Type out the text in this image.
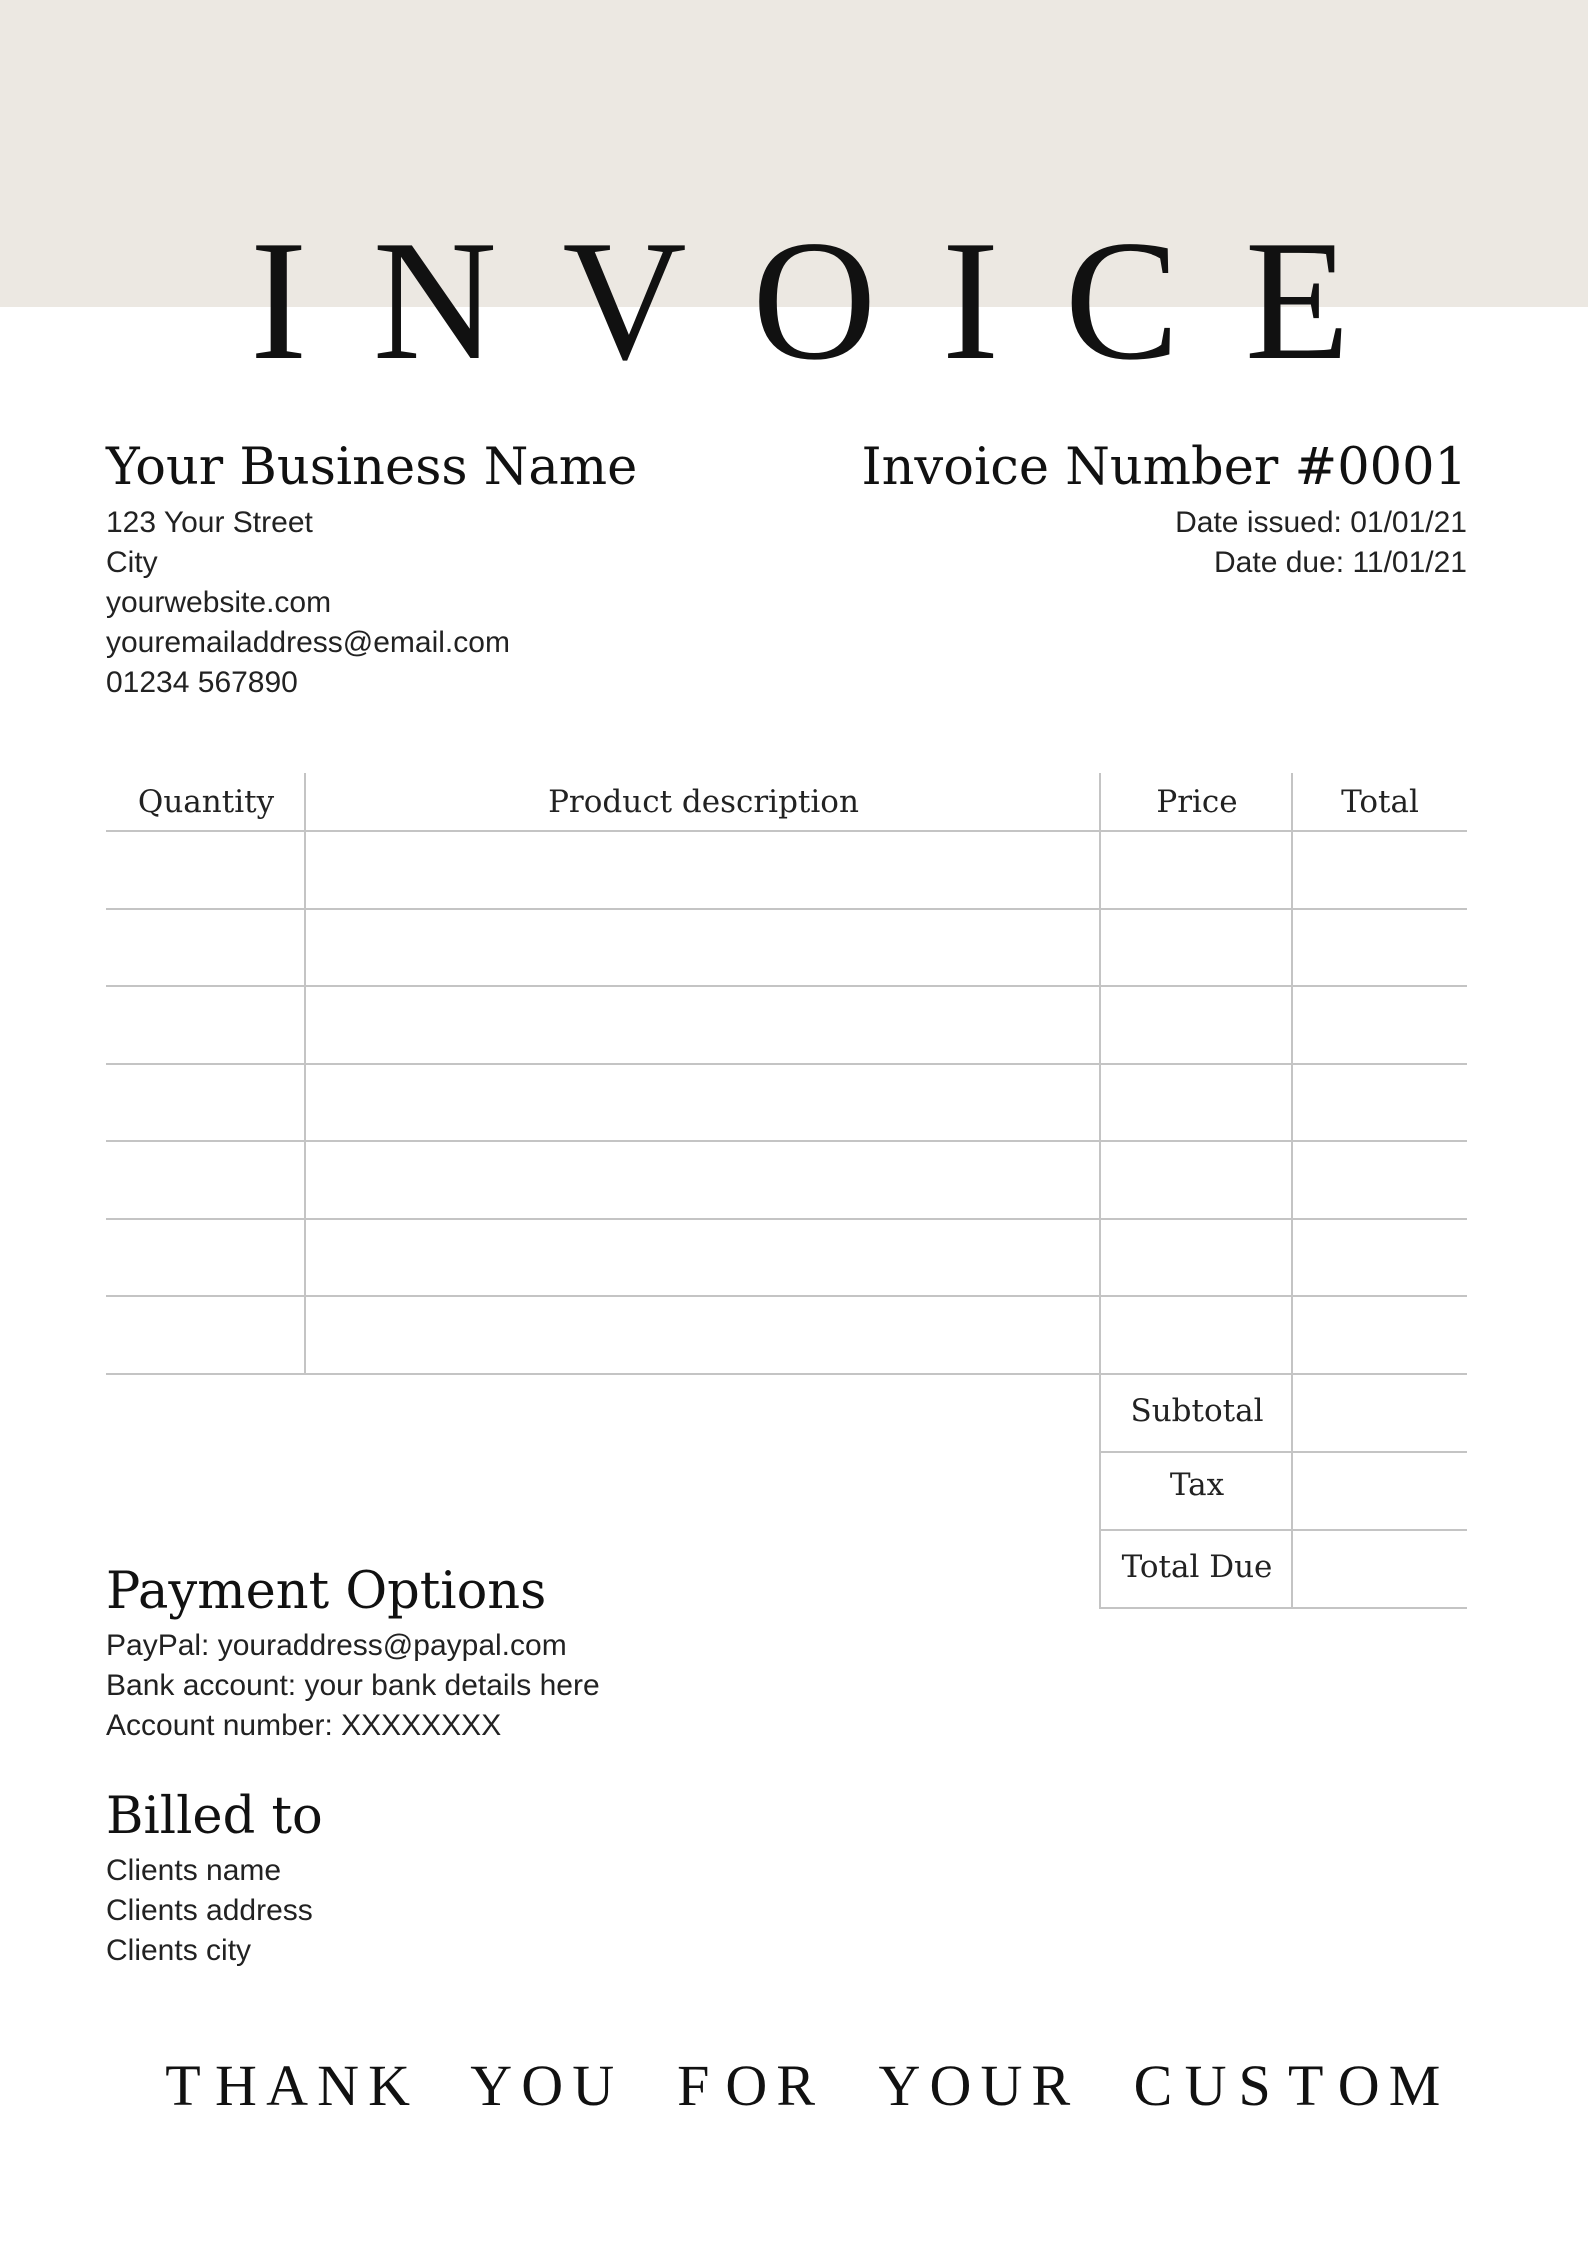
I N V O I C E
Your Business Name	Invoice Number #0001
123 Your Street
City
yourwebsite.com
youremailaddress@email.com
01234 567890
Date issued: 01/01/21
Date due: 11/01/21
Quantity	Product description	Price	Total
Subtotal
Tax
Total Due
Payment Options
PayPal: youraddress@paypal.com
Bank account: your bank details here
Account number: XXXXXXXX
Billed to
Clients name
Clients address
Clients city
T H A N K
Y O U
F O R
Y O U R
C U S T O M
